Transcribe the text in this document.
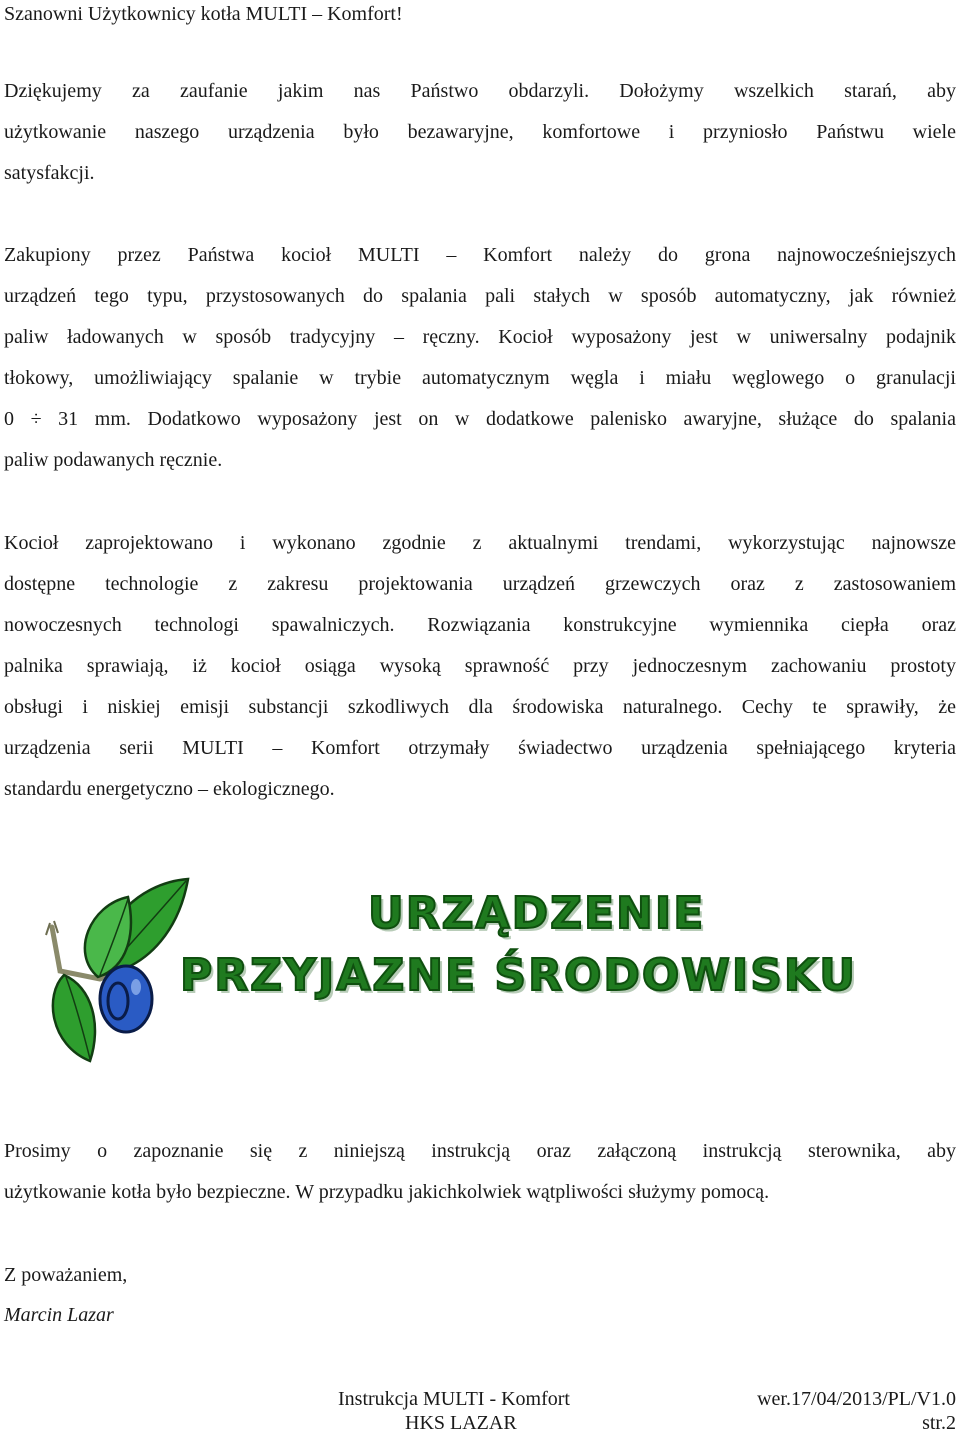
Szanowni Użytkownicy kotła MULTI – Komfort!
Dziękujemy za zaufanie jakim nas Państwo obdarzyli. Dołożymy wszelkich starań, aby
użytkowanie naszego urządzenia było bezawaryjne, komfortowe i przyniosło Państwu wiele
satysfakcji.
Zakupiony przez Państwa kocioł MULTI – Komfort należy do grona najnowocześniejszych
urządzeń tego typu, przystosowanych do spalania pali stałych w sposób automatyczny, jak również
paliw ładowanych w sposób tradycyjny – ręczny. Kocioł wyposażony jest w uniwersalny podajnik
tłokowy, umożliwiający spalanie w trybie automatycznym węgla i miału węglowego o granulacji
0 ÷ 31 mm. Dodatkowo wyposażony jest on w dodatkowe palenisko awaryjne, służące do spalania
paliw podawanych ręcznie.
Kocioł zaprojektowano i wykonano zgodnie z aktualnymi trendami, wykorzystując najnowsze
dostępne technologie z zakresu projektowania urządzeń grzewczych oraz z zastosowaniem
nowoczesnych technologi spawalniczych. Rozwiązania konstrukcyjne wymiennika ciepła oraz
palnika sprawiają, iż kocioł osiąga wysoką sprawność przy jednoczesnym zachowaniu prostoty
obsługi i niskiej emisji substancji szkodliwych dla środowiska naturalnego. Cechy te sprawiły, że
urządzenia serii MULTI – Komfort otrzymały świadectwo urządzenia spełniającego kryteria
standardu energetyczno – ekologicznego.
URZĄDZENIE
PRZYJAZNE ŚRODOWISKU
Prosimy o zapoznanie się z niniejszą instrukcją oraz załączoną instrukcją sterownika, aby
użytkowanie kotła było bezpieczne. W przypadku jakichkolwiek wątpliwości służymy pomocą.
Z poważaniem,
Marcin Lazar
Instrukcja MULTI - Komfort
HKS LAZAR
wer.17/04/2013/PL/V1.0
str.2
